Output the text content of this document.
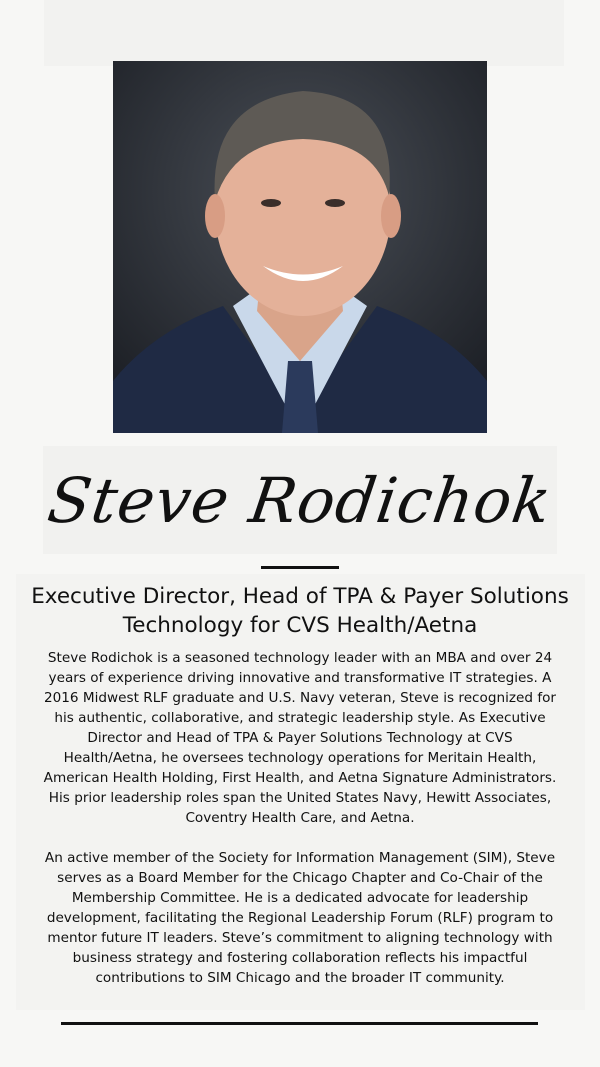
Steve Rodichok
Executive Director, Head of TPA & Payer Solutions Technology for CVS Health/Aetna
Steve Rodichok is a seasoned technology leader with an MBA and over 24 years of experience driving innovative and transformative IT strategies. A 2016 Midwest RLF graduate and U.S. Navy veteran, Steve is recognized for his authentic, collaborative, and strategic leadership style. As Executive Director and Head of TPA & Payer Solutions Technology at CVS Health/Aetna, he oversees technology operations for Meritain Health, American Health Holding, First Health, and Aetna Signature Administrators. His prior leadership roles span the United States Navy, Hewitt Associates, Coventry Health Care, and Aetna.
An active member of the Society for Information Management (SIM), Steve serves as a Board Member for the Chicago Chapter and Co-Chair of the Membership Committee. He is a dedicated advocate for leadership development, facilitating the Regional Leadership Forum (RLF) program to mentor future IT leaders. Steve’s commitment to aligning technology with business strategy and fostering collaboration reflects his impactful contributions to SIM Chicago and the broader IT community.
